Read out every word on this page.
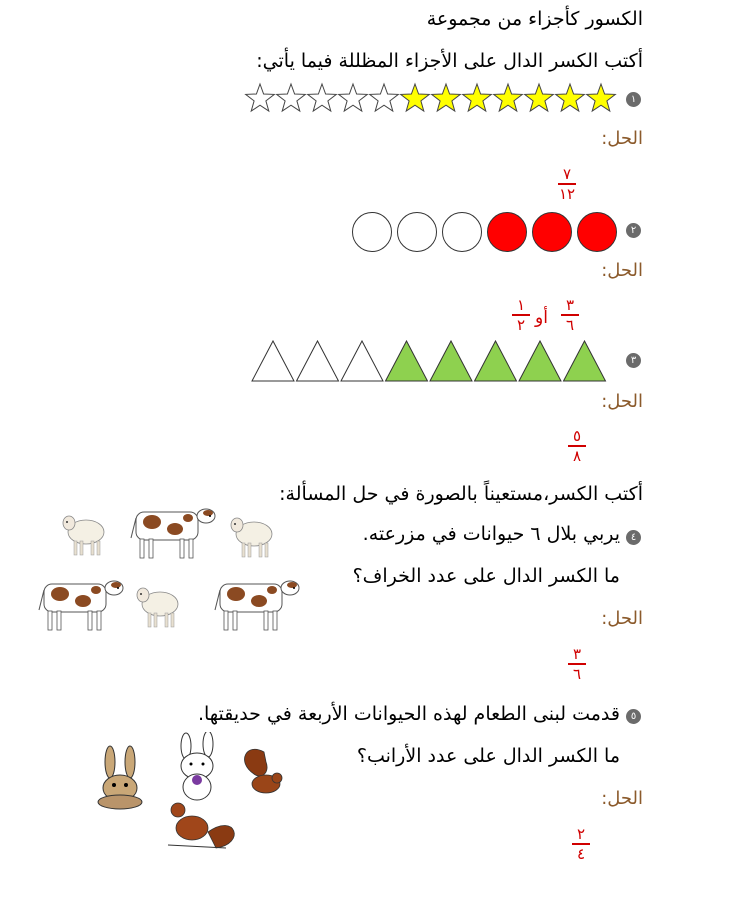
الكسور كأجزاء من مجموعة
أكتب الكسر الدال على الأجزاء المظللة فيما يأتي:
١
الحل:
٧
١٢
٢
الحل:
٣
٦
أو
١
٢
٣
الحل:
٥
٨
أكتب الكسر،مستعيناً بالصورة في حل المسألة:
٤
يربي بلال ٦ حيوانات في مزرعته.
ما الكسر الدال على عدد الخراف؟
الحل:
٣
٦
٥
قدمت لبنى الطعام لهذه الحيوانات الأربعة في حديقتها.
ما الكسر الدال على عدد الأرانب؟
الحل:
٢
٤
